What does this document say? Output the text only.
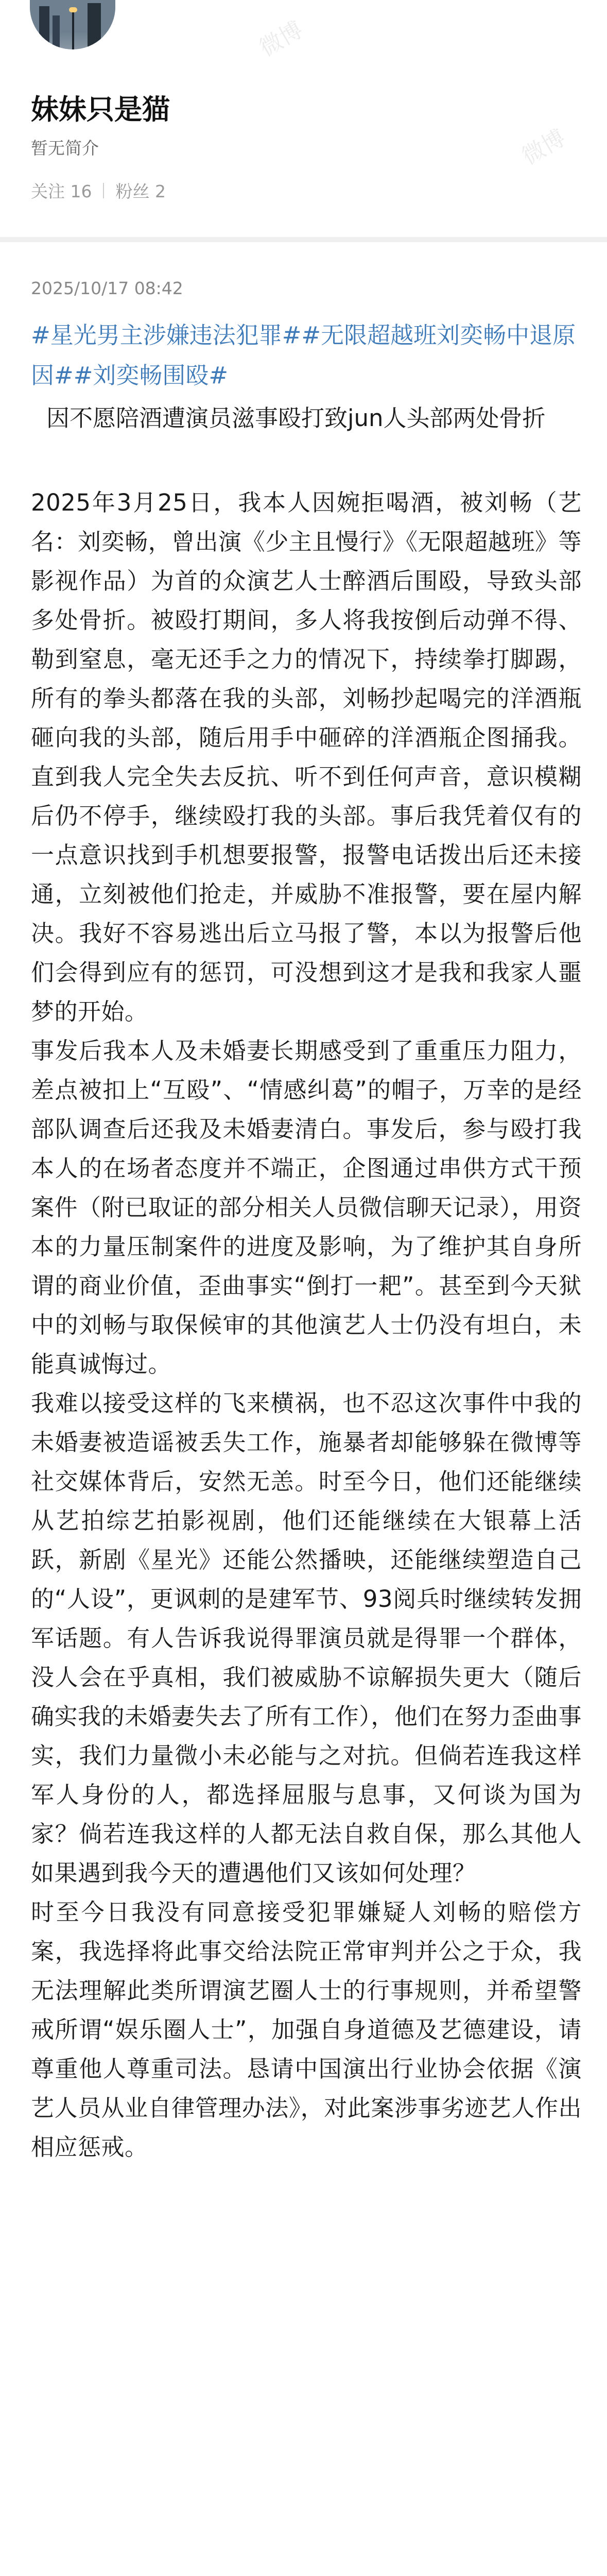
妹妹只是猫
暂无简介
关注 16 粉丝 2
2025/10/17 08:42

#星光男主涉嫌违法犯罪##无限超越班刘奕畅中退原因##刘奕畅围殴#

因不愿陪酒遭演员滋事殴打致jun人头部两处骨折

2025年3月25日，我本人因婉拒喝酒，被刘畅（艺名：刘奕畅，曾出演《少主且慢行》《无限超越班》等影视作品）为首的众演艺人士醉酒后围殴，导致头部多处骨折。被殴打期间，多人将我按倒后动弹不得、勒到窒息，毫无还手之力的情况下，持续拳打脚踢，所有的拳头都落在我的头部，刘畅抄起喝完的洋酒瓶砸向我的头部，随后用手中砸碎的洋酒瓶企图捅我。直到我人完全失去反抗、听不到任何声音，意识模糊后仍不停手，继续殴打我的头部。事后我凭着仅有的一点意识找到手机想要报警，报警电话拨出后还未接通，立刻被他们抢走，并威胁不准报警，要在屋内解决。我好不容易逃出后立马报了警，本以为报警后他们会得到应有的惩罚，可没想到这才是我和我家人噩梦的开始。

事发后我本人及未婚妻长期感受到了重重压力阻力，差点被扣上“互殴”、“情感纠葛”的帽子，万幸的是经部队调查后还我及未婚妻清白。事发后，参与殴打我本人的在场者态度并不端正，企图通过串供方式干预案件（附已取证的部分相关人员微信聊天记录），用资本的力量压制案件的进度及影响，为了维护其自身所谓的商业价值，歪曲事实“倒打一耙”。甚至到今天狱中的刘畅与取保候审的其他演艺人士仍没有坦白，未能真诚悔过。

我难以接受这样的飞来横祸，也不忍这次事件中我的未婚妻被造谣被丢失工作，施暴者却能够躲在微博等社交媒体背后，安然无恙。时至今日，他们还能继续从艺拍综艺拍影视剧，他们还能继续在大银幕上活跃，新剧《星光》还能公然播映，还能继续塑造自己的“人设”，更讽刺的是建军节、93阅兵时继续转发拥军话题。有人告诉我说得罪演员就是得罪一个群体，没人会在乎真相，我们被威胁不谅解损失更大（随后确实我的未婚妻失去了所有工作），他们在努力歪曲事实，我们力量微小未必能与之对抗。但倘若连我这样军人身份的人，都选择屈服与息事，又何谈为国为家？倘若连我这样的人都无法自救自保，那么其他人如果遇到我今天的遭遇他们又该如何处理？

时至今日我没有同意接受犯罪嫌疑人刘畅的赔偿方案，我选择将此事交给法院正常审判并公之于众，我无法理解此类所谓演艺圈人士的行事规则，并希望警戒所谓“娱乐圈人士”，加强自身道德及艺德建设，请尊重他人尊重司法。恳请中国演出行业协会依据《演艺人员从业自律管理办法》，对此案涉事劣迹艺人作出相应惩戒。

微博
微博
